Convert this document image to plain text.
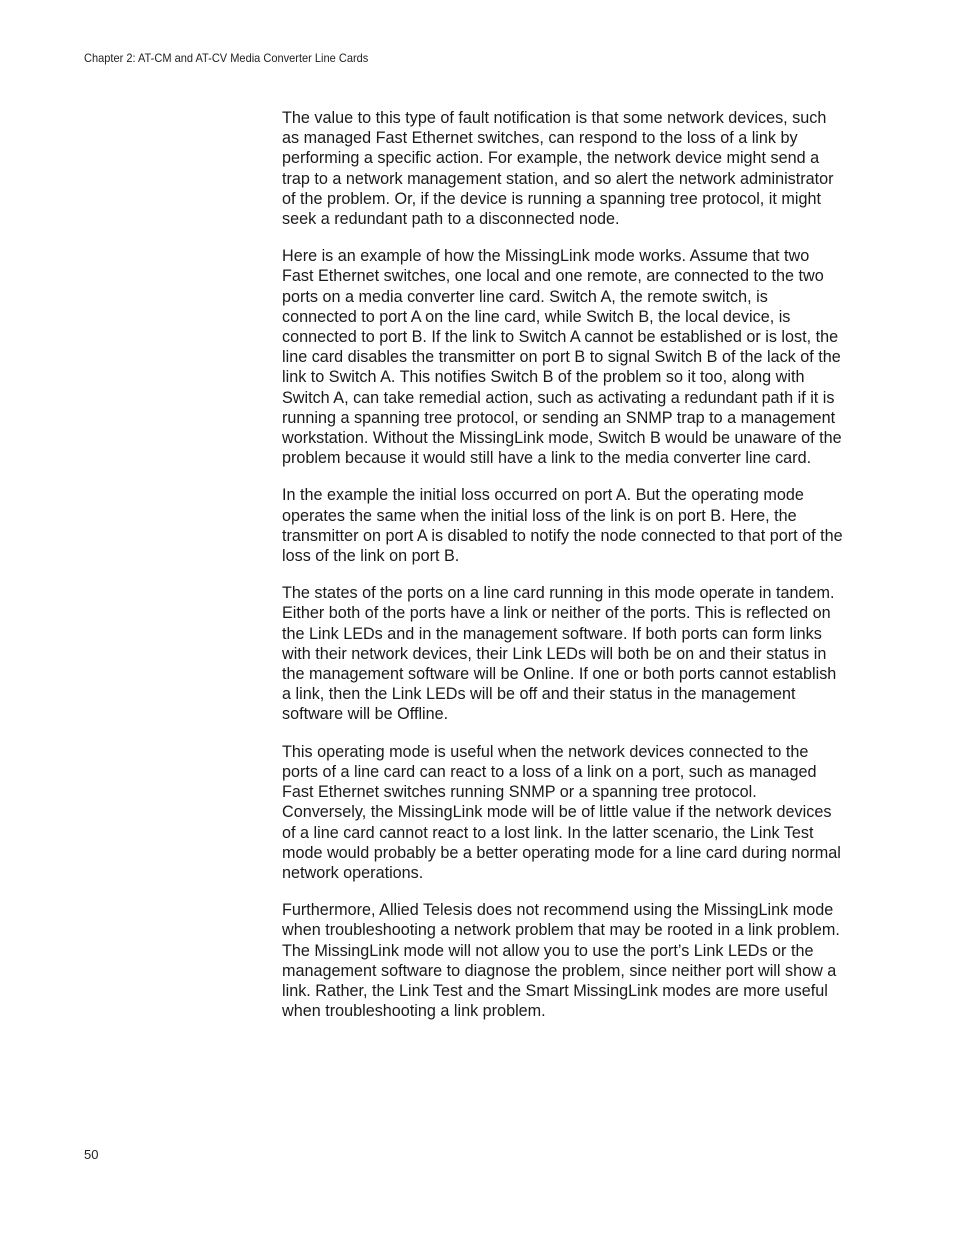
Chapter 2: AT-CM and AT-CV Media Converter Line Cards

The value to this type of fault notification is that some network devices, such as managed Fast Ethernet switches, can respond to the loss of a link by performing a specific action. For example, the network device might send a trap to a network management station, and so alert the network administrator of the problem. Or, if the device is running a spanning tree protocol, it might seek a redundant path to a disconnected node.

Here is an example of how the MissingLink mode works. Assume that two Fast Ethernet switches, one local and one remote, are connected to the two ports on a media converter line card. Switch A, the remote switch, is connected to port A on the line card, while Switch B, the local device, is connected to port B. If the link to Switch A cannot be established or is lost, the line card disables the transmitter on port B to signal Switch B of the lack of the link to Switch A. This notifies Switch B of the problem so it too, along with Switch A, can take remedial action, such as activating a redundant path if it is running a spanning tree protocol, or sending an SNMP trap to a management workstation. Without the MissingLink mode, Switch B would be unaware of the problem because it would still have a link to the media converter line card.

In the example the initial loss occurred on port A. But the operating mode operates the same when the initial loss of the link is on port B. Here, the transmitter on port A is disabled to notify the node connected to that port of the loss of the link on port B.

The states of the ports on a line card running in this mode operate in tandem. Either both of the ports have a link or neither of the ports. This is reflected on the Link LEDs and in the management software. If both ports can form links with their network devices, their Link LEDs will both be on and their status in the management software will be Online. If one or both ports cannot establish a link, then the Link LEDs will be off and their status in the management software will be Offline.

This operating mode is useful when the network devices connected to the ports of a line card can react to a loss of a link on a port, such as managed Fast Ethernet switches running SNMP or a spanning tree protocol. Conversely, the MissingLink mode will be of little value if the network devices of a line card cannot react to a lost link. In the latter scenario, the Link Test mode would probably be a better operating mode for a line card during normal network operations.

Furthermore, Allied Telesis does not recommend using the MissingLink mode when troubleshooting a network problem that may be rooted in a link problem. The MissingLink mode will not allow you to use the port’s Link LEDs or the management software to diagnose the problem, since neither port will show a link. Rather, the Link Test and the Smart MissingLink modes are more useful when troubleshooting a link problem.

50
